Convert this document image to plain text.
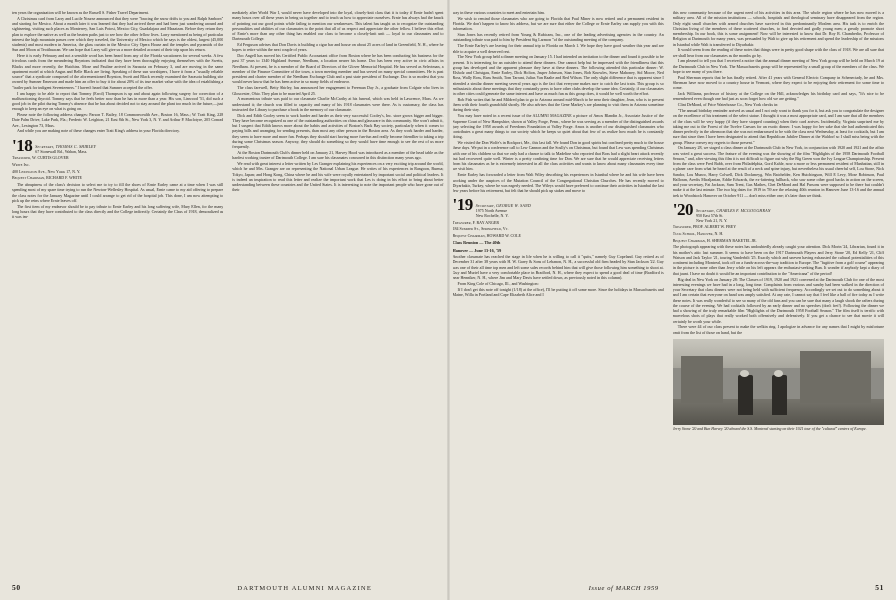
ten years the organization will be known as the Russell S. Fisher Travel Department.

A Christmas card from Larry and Lucile Nourse announced that they were "bracing the snow drifts to you and Ralph Sanborn" and starting for Mexico. About a month later it was learned that they had arrived there and had been just wandering around and sightseeing, visiting such places as Monterrey, San Luis Potosi, Mexico City, Guadalajara and Mazatzan. Before they return they plan to explore the native as well as the beaten paths just to see how the other fellow lives. Larry mentioned as being of particular interest the high mountain passes over which they traveled, the University of Mexico which he says is the oldest, largest (45,000 students) and most modern in America, the glass curtain in the Mexico City Opera House and the temples and pyramids of the Sun and Moon at Teotihuacan. We can hope that Larry will give us a more detailed account of their trip upon his return.

Here it is early February and not a sensible word has been heard from any of the Florida vacationers for several weeks. A few frivolous cards from the meandering Boyntons indicated that they have been thoroughly enjoying themselves with the Swetts, Blacks and more recently, the Hutchins. Mose and Pauline arrived in Sarasota on February 3, and are moving in the same apartment motel at which Angus and Belle Black are living. Speaking of these sun worshipers, I have it from a "usually reliable source" that a syndicate composed of the aforementioned Boynton, Swett and Black recently examined the Sarasota building site owned by Sumner Emerson and made him an offer to buy it for about 20% of its true market value with the idea of establishing a "trailer park for indigent Seventeeners." I haven't heard that Sumner accepted the offer.

I am happy to be able to report that Tommy (Errol) Thompson is up and about again following surgery for correction of a malfunctioning thyroid. Tommy says that he feels better now than he has in more than a year. His son, Linwood '51, did such a good job in the pilot during Tommy's absence that he has about decided not to stay around the plant too much in the future,—just enough to keep an eye on what is going on.

Please note the following address changes: Parson T. Bailey, 18 Commonwealth Ave., Boston 16, Mass.; W. Tratt King, 228 Date Palm Drive, Lake Park, Fla.; Frederic W. Leighton, 21 East 8th St., New York 3, N. Y. and Arthur P. Maclotyre, 205 Conrad Ave., Lexington 73, Mass.

And while you are making note of these changes enter Tratt King's address in your Florida directory.

'18 Secretary, THOMAS C. SHIRLEY
67 Stonewall Rd., Wahan, Mass.
Treasurer, W. CURTIS GLOVER
Write Inc.
400 Lexington Ave., New York 17, N. Y.
Bequest Chairman, RICHARD F. WHITE

The abruptness of the class's decision to select me to try to fill the shoes of Ernie Earley came at a time when I was still spending most of my spare time trying to run the Newton-Wellesley Hospital. As usual, Ernie came to my aid offering to prepare the class notes for the January Magazine until I could arrange to get rid of the hospital job. This done, I am now attempting to pick up the reins where Ernie leaves off.

The first item of my endeavor should be to pay tribute to Ernie Earley and his long suffering wife, Mary Ellen, for the many long hours that they have contributed to the class directly and the College indirectly. Certainly the Class of 1918, demoralized as it was im-

mediately after World War I, would never have developed into the loyal, closely-knit class that it is today if Ernie hadn't spent many hours over all these years in being us together and to teach us how to appreciate ourselves. Ernie has always had the knack of pointing out our good points while failing to mention our weaknesses. This talent has taught us to recognize the outstanding personalities and abilities of our classmates to the point that all of us respect and appreciate the other fellow. I believe this effort of Ernie's more than any other thing has enabled our class to become a closely-knit unit — loyal to our classmates and to Dartmouth College.

Ed Ferguson advises that Don Davis is building a cigar bar and house on about 25 acres of land in Greenfield, N. H., where he hopes to retire within the next couple of years.

Doc Angell has moved his Certified Public Accountant office from Boston where he has been conducting his business for the past 37 years to 1340 Highland Avenue, Needham, a location nearer his home. Doc has been very active in civic affairs in Needham. At present, he is a member of the Board of Directors of the Glover Memorial Hospital. He has served as Selectman, a member of the Finance Committee of the town, a town meeting member and has served on many special committees. He is past president and charter member of the Needham Exchange Club and a past state president of Exchange. Doc is so modest that you would never know that he has been active in so many fields of endeavor.

The class farewell, Betty Shirley, has announced her engagement to Freeman Day Jr., a graduate from Colgate who lives in Gloucester, Ohio. They plan to be married April 25.

A momentous tribute was paid to our classmate Charlie McCarthy at his funeral, which was held in Lawrence, Mass. As we understand it; the church was filled to capacity and many of his 1918 classmates were there. As is customary, the class has instructed the Library to purchase a book in the memory of our classmate.

Dick and Edith Cooley seem to work harder and harder as their very successful Cooley's, Inc. store grows bigger and bigger. They have become recognized as one of the outstanding authorities on china and glassware in this community. She won't admit it, but I suspect that Edith knows more about the habits and activities of Boston's Back Bay society, particularly when it comes to paying bills and arranging for sending presents, than most any other person in the Boston area. As they work harder and harder, they seem to have more and more fun. Perhaps they should start having more fun-fun and really become friendlier to taking a trip during some Christmas season. Anyway, they should do something so they would have time enough to see the rest of us more frequently.

At the Boston Dartmouth Club's dinner held on January 21, Harvey Hood was introduced as a member of the head table as the hardest working trustee of Dartmouth College. I am sure his classmates concurred in this distinction many years ago.

We read with great interest a letter written by Les Granger explaining his experiences on a very exciting trip around the world, which he and Mrs. Granger are on representing the National Urban League. He writes of his experiences in Rangoon, Burma; Tokyo, Japan; and Hong Kong, China where he and his wife were royally entertained by important social and political leaders. It is indeed an inspiration to read this letter and realize the important work that Les is doing in his effort to bring about better understanding between these countries and the United States. It is interesting to note the important people who have gone out of their

way in these various countries to meet and entertain him.

We wish to remind those classmates who are going to Florida that Paul Miner is now retired and a permanent resident in Florida. We don't happen to know his address, but we are sure that either the College or Ernie Earley can supply you with this information.

Stan Jones has recently retired from Young & Rubicam, Inc., one of the leading advertising agencies in the country. An outstanding tribute was paid to him by President Sig Larmon "of the outstanding meeting of the company.

The Ernie Earley's are leaving for their annual trip to Florida on March 1. We hope they have good weather this year and are able to acquire a well deserved rest.

The New York group held a dinner meeting on January 15. I had intended an invitation to the dinner and found it possible to be present. It is interesting for an outsider to attend these dinners. One cannot help but be impressed with the friendliness that this group has developed and the apparent pleasure they have at these dinners. The following attended this particular dinner: W. Elsholz and Christgau, Ernie Earley, Dick Holton, Jasper Johnson, Stan Jones, Bob Knowles, Steve Mahoney, Sid Moore, Ned Ross, Wally Ross, Russ Smith, Tom Tarrant, Julius Van Raalte and Red Wilson. The only slight difference that is apparent since I attended a similar dinner meeting several years ago is the fact that everyone makes sure to catch the last train. This group is so enthusiastic about these meetings that they constantly press to have other clubs develop the same idea. Certainly, if our classmates in other cities could generate the same interest and have as much fun as this group does, it would be well worth the effort.

Bob Fish writes that he and Mildred plan to go to Arizona around mid-March to be near their daughter, Jean, who is to present them with their fourth grandchild shortly. He also advises that the Gene Markey's are planning to visit them in Arizona sometime during their stay.

You may have noted in a recent issue of the ALUMNI MAGAZINE a picture of Amos Blandin Jr., Associate Justice of the Supreme Court of New Hampshire, shown at Valley Forge, Penn., where he was serving as a member of the distinguished awards jury selecting the 1958 awards of Freedoms Foundation at Valley Forge. Amos is another of our distinguished classmates who contributes a great many things to our society which he keeps so quiet about that few of us realize how much he is constantly doing.

We visited the Don Wolfe's in Rockport, Me., this last fall. We found Don in good spirits but confined pretty much to the house these days. We put in a conference call to Lew Cannon and the Scully's on Christmas, but found that Lew was spending Christmas with one of his children so that we only had a chance to talk to Madeline who reported that Boss had a slight heart attack recently but had recovered quite well. Winter is a pretty confining time for Don. We are sure that he would appreciate receiving letters from his classmates as he is extremely interested in all the class activities and wants to know about many classmates every time we visit him.

Ernie Earley has forwarded a letter from Walt Wiley describing his experiences in Istanbul where he and his wife have been working under the auspices of the Mutation Council of the Congregational Christian Churches. He has recently moved to Diyarbakir, Turkey, where he was eagerly needed. The Wileys would have preferred to continue their activities in Istanbul the last few years before his retirement, but felt that he should pick up stakes and move to

'19 Secretary, GEORGE W. SAND
1975 North Avenue
New Rochelle, N. Y.
Treasurer, F. RAY ANGER
184 Summer St., Springfield, Vt.
Bequest Chairman, HOWARD W. COLE
Class Reunion — The 40th
Hanover — June 13-16, '59

Another classmate has reached the stage in life when he is willing to call it "quits," namely Guy Copeland. Guy retired as of December 31 after 38 years with H. W. Garey & Sons of Lebanon, N. H., a successful old firm headed by Stan Jackson '22. Guy was one of their all time top men and left some sales records behind him that will give those following him something to shoot at. Guy and Muriel have a very comfortable place in Bradford, N. H., where they expect to spend a good deal of time (Bradford is near Henniker, N. H., where Jim and Mary Davis have settled down, as previously noted in this column).

From King Cole of Chicago, Ill., and Washington:

If I don't get this note off tonight (1/18) at the office), I'll be putting it off some more. Since the holidays in Massachusetts and Maine, Willa in Portland and Cape Elizabeth Alice and I

this new community because of the urgent need of his activities in this area. The whole region where he has now moved is a military area. All of the mission institutions — schools, hospitals and theological seminary have disappeared from the region. Only eight small churches with armed churches have survived in this predominantly Moslem area. His task is to enrich the Christian living of the members of these scattered churches, to find devoted and godly young men; a greatly promote short membership. In our book, this is some assignment! Now will be interested to know that Dr. Roy R. Chamberlin, Professor of Religion at Dartmouth for many years, was persuaded by Walt to give up his retirement and spend the leadership of the missions in Istanbul while Walt is transferred to Diyarbakir.

It would seem from the reading of these notes that things were in pretty good shape with the class of 1918. We are all sure that we shall hear from our classmates as the months go by.

I am pleased to tell you that I received a notice that the annual dinner meeting of New York group will be held on March 19 at the Dartmouth Club in New York. The Massachusetts group will be represented by a small group of the members of the class. We hope to see many of you there.

Paul Sherman reports that he has finally retired. After 41 years with General Electric Company in Schenectady, he and Mrs. Sherman have now moved to a country house in Vermont, where they expect to be enjoying their retirement for some time to come.

Jack Williams, professor of history at the College on the Hill, acknowledges his birthday card and says, "It's nice to be remembered even though one had just as soon forget how old we are getting."

Clint DeMond, of Price Waterhouse Co., New York checks in:

"The annual birthday reminder arrived as usual and I not only want to thank you for it, but ask you to congratulate the designer on the excellence of his treatment of the select statue. I thought it was a most appropriate card, and I am sure that all the members of the class will be very happy (if they have stopped counting) when their card arrives. Incidentally, Virginia surprised me by taking me out to the Forest of the Twelve Caesars for an exotic dinner. I was happy for her sake that she had authenticated this dinner perfectly in the afternoon that she was not embarrassed to be with the class next Wednesday, at least for cocktails, but I am sure that since then I have been designated to attend that Republican Jubilee Dinner at the Waldorf so I shall miss being with the group. Please convey my regrets to those present."

On January 28, we staged a class dinner at the Dartmouth Club in New York, in conjunction with 1920 and 1921 and the affair was voted a great success. The feature of the evening was the showing of the film "Highlights of the 1958 Dartmouth Football Season," and, after viewing this film it is not difficult to figure out why the Big Green won the Ivy League Championship. Present from the class were Fred Babb, over from Philadelphia, Gord Kahle, now a more or less permanent resident of Manhattan, still in a planer care from what he heard at the result of a neck and spine injury, but nevertheless his usual cheerful self, Lou Stone, Nick Sandor, Lou Munro, Harry Colwell, Dick Dockmeyg, Win Batchelder, Ken Hutchingson, Will E Levy, Mose Robinson, Paul Halloran, Avedis Miraljanian, Eddie Edwards, the ex-fattering fullback, who saw some other good backs in action on the screen, and your secretary, Fat Jackson, Sam Trent, Gus Mathes, Chet DeMond and Hal Parsons were supposed to be there but couldn't make it at the last minute. The two big dates for 1919 in '59 are the relaxing 40th reunion in Hanover June 13-16 and the annual trek to Woodstock Hanover on October 911 — don't miss either one; it's later than we think.

'20 Secretary, CHARLES F. MCGOUGHRAN
950 East 57th St.
New York 21, N. Y.
Treasurer, PROF. ALBERT W. FREY
Tuck School, Hanover, N. H.
Bequest Chairman, H. SHERMAN BAKETEL JR.

The photograph appearing with these notes has undoubtedly already caught your attention. Dick Morin '24, Librarian, found it in his mother's attic last summer. It seems to have been on the 1917 Dartmouth Players and Jerry Stone '20, Ed Kelly '21, Cliff Watson and Jack Taylor '21, touring Vanderbilt '25. Exactly which and uneven having exhausted the cultural potentialities of this continent including Montreal, took off on a funds-across-the-way tradition to Europe. The "fugitive from a golf course" appearing in the picture is none other than Jerry while on his left appears the enthusiast-seeking Bun. It wonder if anybody kept a diary of that jaunt. I have no doubt it would be an important contribution to the "Americana" of the period!

Big deal in New York on January 28: The Classes of 1919, 1920 and 1921 convened at the Dartmouth Club for one of the most interesting evenings we have had in a long, long time. Complaints from various and sundry had been walked in the direction of your Secretary that class dinners were not being held with sufficient frequency. Accordingly we set out to do something about it and I am certain that everyone on hand was amply satisfied. At any rate, I cannot say that I feel like a ball of fire today as I write these notes. It was really wonderful to see so many of the old fans and you can be sure that many a laugh shook the rafters during the course of the evening. We had cocktails followed by an early dinner and no speeches (don't fret!). Following the dinner we had a showing of the truly remarkable film "Highlights of the Dartmouth 1958 Football Season." The film itself is terrific with marvelous shots of plays that really worked both offensively and defensively. If you get a chance to see that movie it will certainly be worth your while.

There were 44 of our class present to make the welkin ring. I apologize in advance for any names that I might by misfortune omit from the list of those on hand, but the

Jerry Stone '20 and Bun Harvey '20 aboard the S.S. Montreal starting on their 1921 tour of the "cultural" centers of Europe.
50	DARTMOUTH ALUMNI MAGAZINE	Issue of MARCH 1959	51
